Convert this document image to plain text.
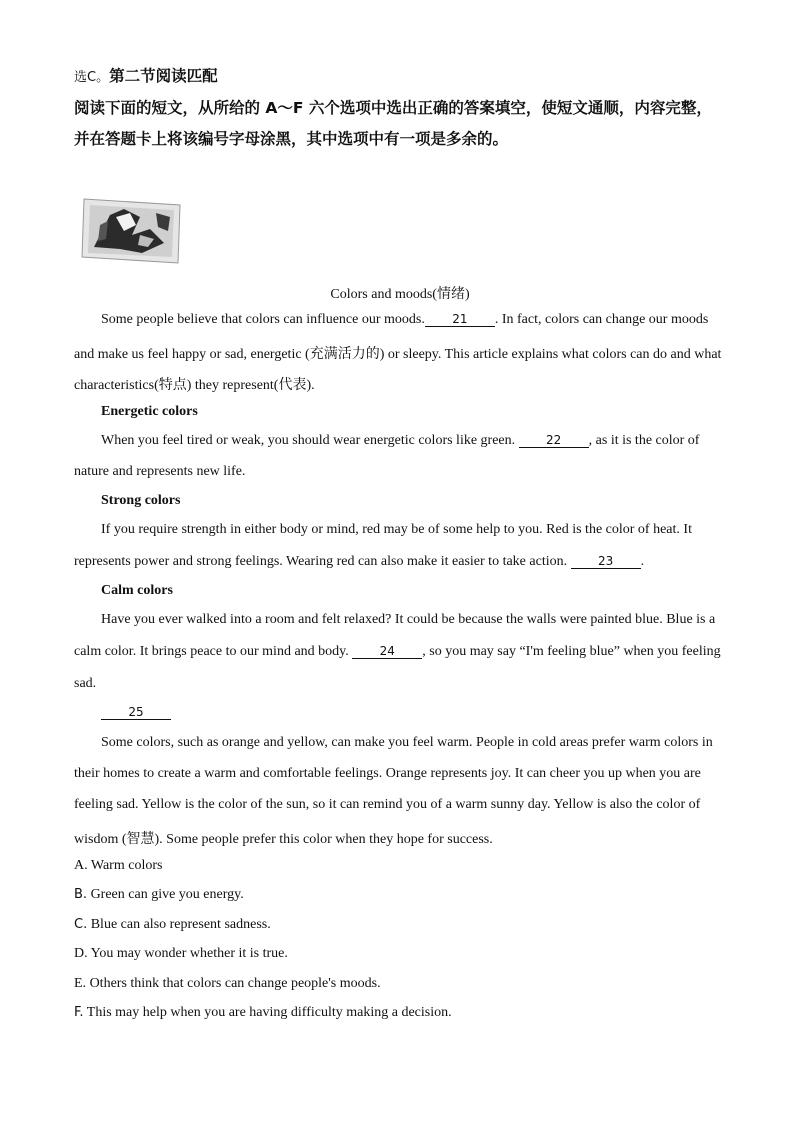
选C。第二节阅读匹配
阅读下面的短文，从所给的 A～F 六个选项中选出正确的答案填空，使短文通顺，内容完整，
并在答题卡上将该编号字母涂黑，其中选项中有一项是多余的。
Colors and moods(情绪)
Some people believe that colors can influence our moods. 21 . In fact, colors can change our moods
and make us feel happy or sad, energetic (充满活力的) or sleepy. This article explains what colors can do and what
characteristics(特点) they represent(代表).
Energetic colors
When you feel tired or weak, you should wear energetic colors like green.	22 , as it is the color of
nature and represents new life.
Strong colors
If you require strength in either body or mind, red may be of some help to you. Red is the color of heat. It
represents power and strong feelings. Wearing red can also make it easier to take action.	23 .
Calm colors
Have you ever walked into a room and felt relaxed? It could be because the walls were painted blue. Blue is a
calm color. It brings peace to our mind and body.	24 , so you may say “I'm feeling blue” when you feeling
sad.
25
Some colors, such as orange and yellow, can make you feel warm. People in cold areas prefer warm colors in
their homes to create a warm and comfortable feelings. Orange represents joy. It can cheer you up when you are
feeling sad. Yellow is the color of the sun, so it can remind you of a warm sunny day. Yellow is also the color of
wisdom (智慧). Some people prefer this color when they hope for success.
A. Warm colors
B. Green can give you energy.
C. Blue can also represent sadness.
D. You may wonder whether it is true.
E. Others think that colors can change people's moods.
F. This may help when you are having difficulty making a decision.
